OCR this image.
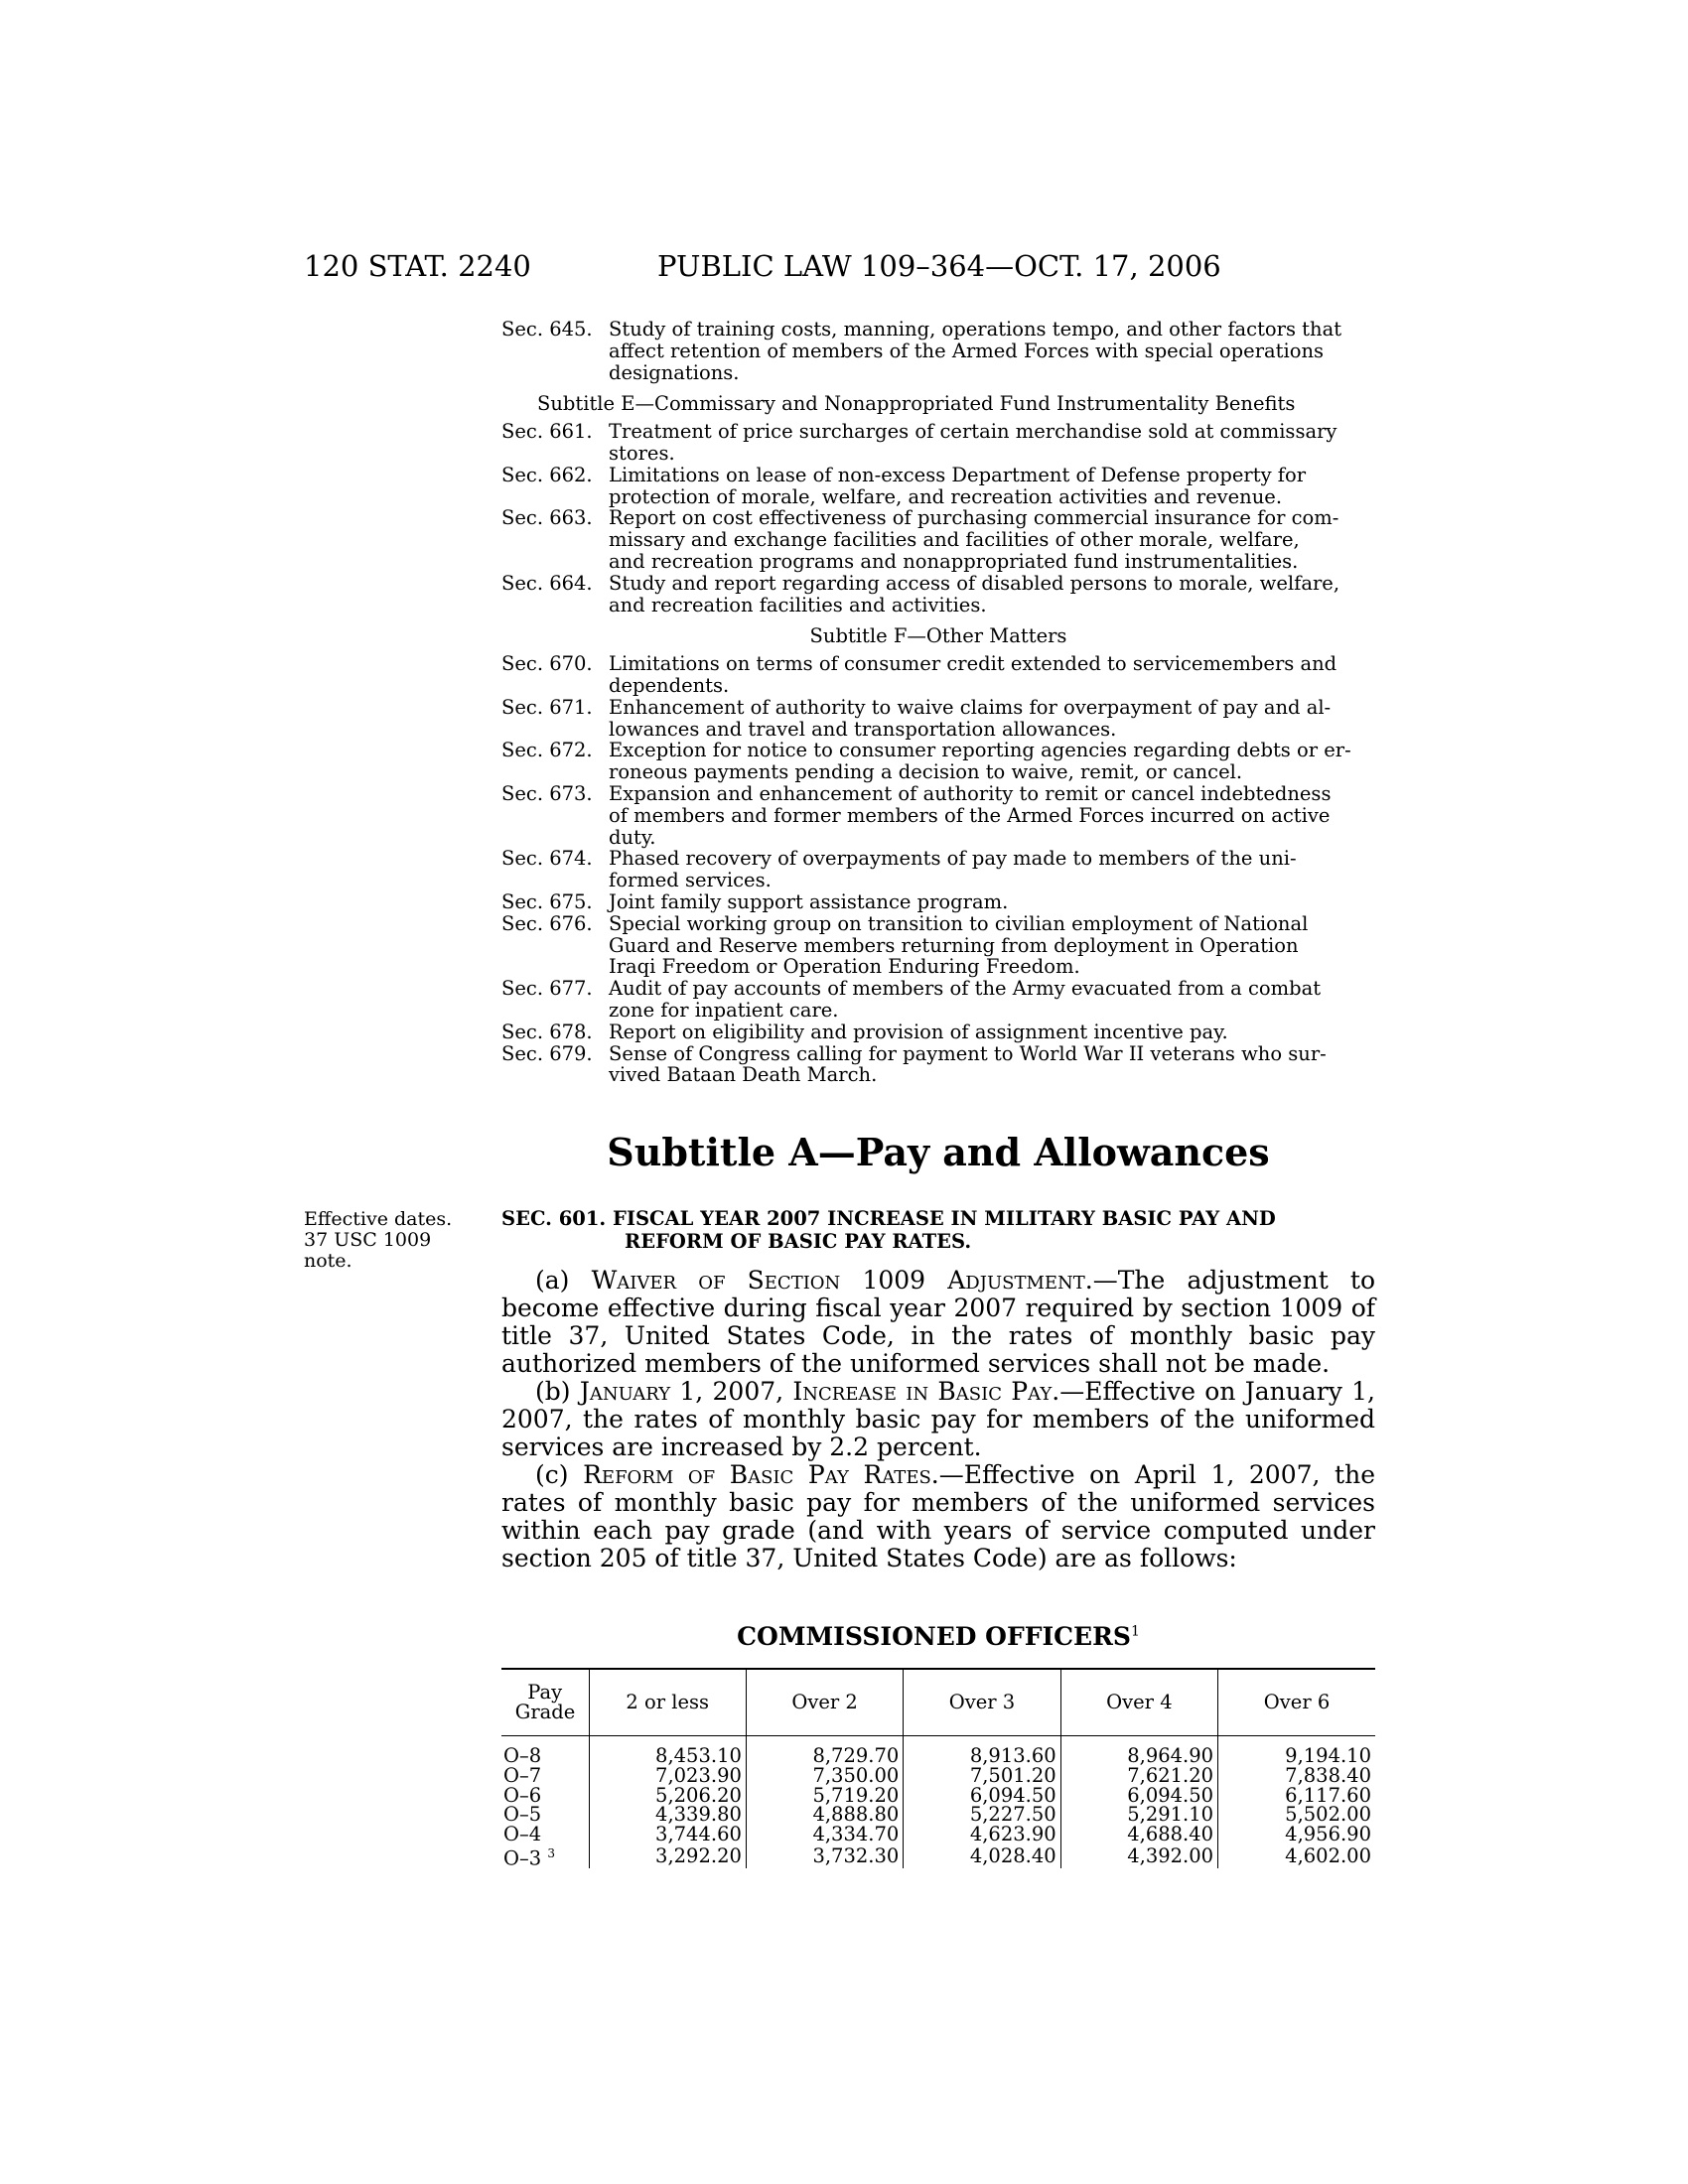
120 STAT. 2240	PUBLIC LAW 109–364—OCT. 17, 2006
Sec. 645. Study of training costs, manning, operations tempo, and other factors that
affect retention of members of the Armed Forces with special operations
designations.
Subtitle E—Commissary and Nonappropriated Fund Instrumentality Benefits
Sec. 661. Treatment of price surcharges of certain merchandise sold at commissary
stores.
Sec. 662. Limitations on lease of non-excess Department of Defense property for
protection of morale, welfare, and recreation activities and revenue.
Sec. 663. Report on cost effectiveness of purchasing commercial insurance for com-
missary and exchange facilities and facilities of other morale, welfare,
and recreation programs and nonappropriated fund instrumentalities.
Sec. 664. Study and report regarding access of disabled persons to morale, welfare,
and recreation facilities and activities.
Subtitle F—Other Matters
Sec. 670. Limitations on terms of consumer credit extended to servicemembers and
dependents.
Sec. 671. Enhancement of authority to waive claims for overpayment of pay and al-
lowances and travel and transportation allowances.
Sec. 672. Exception for notice to consumer reporting agencies regarding debts or er-
roneous payments pending a decision to waive, remit, or cancel.
Sec. 673. Expansion and enhancement of authority to remit or cancel indebtedness
of members and former members of the Armed Forces incurred on active
duty.
Sec. 674. Phased recovery of overpayments of pay made to members of the uni-
formed services.
Sec. 675. Joint family support assistance program.
Sec. 676. Special working group on transition to civilian employment of National
Guard and Reserve members returning from deployment in Operation
Iraqi Freedom or Operation Enduring Freedom.
Sec. 677. Audit of pay accounts of members of the Army evacuated from a combat
zone for inpatient care.
Sec. 678. Report on eligibility and provision of assignment incentive pay.
Sec. 679. Sense of Congress calling for payment to World War II veterans who sur-
vived Bataan Death March.
Subtitle A—Pay and Allowances
Effective dates.
37 USC 1009
note.
SEC. 601. FISCAL YEAR 2007 INCREASE IN MILITARY BASIC PAY AND
REFORM OF BASIC PAY RATES.

(a) Waiver of Section 1009 Adjustment.—The adjustment to become effective during fiscal year 2007 required by section 1009 of title 37, United States Code, in the rates of monthly basic pay authorized members of the uniformed services shall not be made.

(b) January 1, 2007, Increase in Basic Pay.—Effective on January 1, 2007, the rates of monthly basic pay for members of the uniformed services are increased by 2.2 percent.

(c) Reform of Basic Pay Rates.—Effective on April 1, 2007, the rates of monthly basic pay for members of the uniformed services within each pay grade (and with years of service computed under section 205 of title 37, United States Code) are as follows:

COMMISSIONED OFFICERS$^1$
Pay Grade	2 or less	Over 2	Over 3	Over 4	Over 6
O–8	8,453.10	8,729.70	8,913.60	8,964.90	9,194.10
O–7	7,023.90	7,350.00	7,501.20	7,621.20	7,838.40
O–6	5,206.20	5,719.20	6,094.50	6,094.50	6,117.60
O–5	4,339.80	4,888.80	5,227.50	5,291.10	5,502.00
O–4	3,744.60	4,334.70	4,623.90	4,688.40	4,956.90
O–3 $^3$	3,292.20	3,732.30	4,028.40	4,392.00	4,602.00
